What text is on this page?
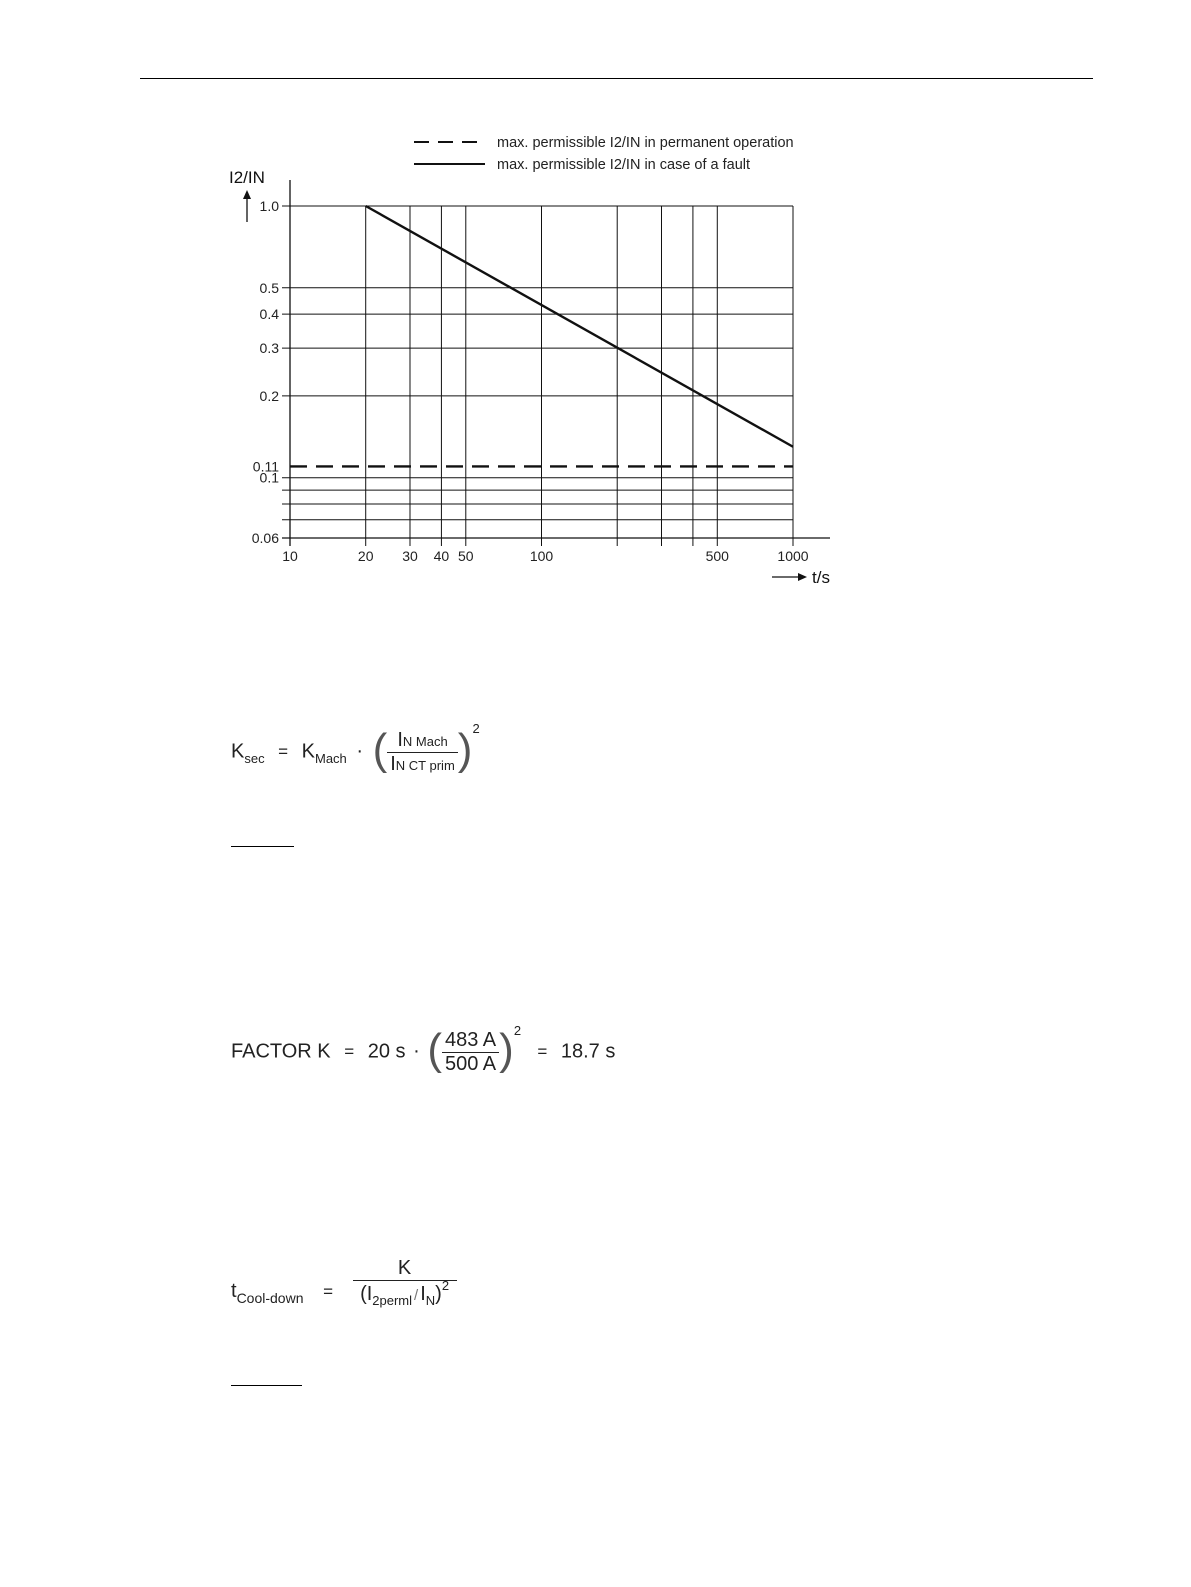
1.0
0.5
0.4
0.3
0.2
0.11
0.1
0.06
10	20 30 40 50	100	500	1000
I2/IN
t/s
max. permissible I2/IN in permanent operation
max. permissible I2/IN in case of a fault
$K_{sec} = K_{Mach}$ · ( $\frac{\text{IN Mach}}{\text{IN CT prim}}$ ) 2
FACTOR K = 20 s · ( $\frac{483 A}{500 A}$ ) 2
= 18.7 s
$t_{Cool-down}$ $_= \frac{K}{(I_{2perml} / I_N)^2}$
